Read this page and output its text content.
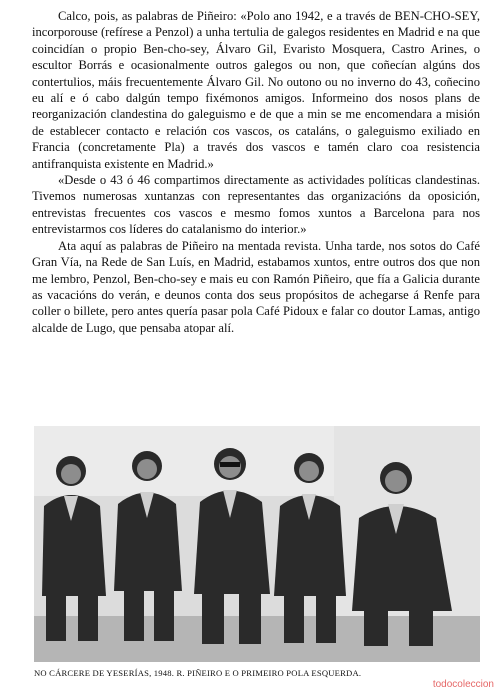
Calco, pois, as palabras de Piñeiro: «Polo ano 1942, e a través de BEN-CHO-SEY, incorporouse (refírese a Penzol) a unha tertulia de galegos residentes en Madrid e na que coincidían o propio Ben-cho-sey, Álvaro Gil, Evaristo Mosquera, Castro Arines, o escultor Borrás e ocasionalmente outros galegos ou non, que coñecían algúns dos contertulios, máis frecuentemente Álvaro Gil. No outono ou no inverno do 43, coñecino eu alí e ó cabo dalgún tempo fixémonos amigos. Informeino dos nosos plans de reorganización clandestina do galeguismo e de que a min se me encomendara a misión de establecer contacto e relación cos vascos, os cataláns, o galeguismo exiliado en Francia (concretamente Pla) a través dos vascos e tamén claro coa resistencia antifranquista existente en Madrid.»

«Desde o 43 ó 46 compartimos directamente as actividades políticas clandestinas. Tivemos numerosas xuntanzas con representantes das organizacións da oposición, entrevistas frecuentes cos vascos e mesmo fomos xuntos a Barcelona para nos entrevistarmos cos líderes do catalanismo do interior.»

Ata aquí as palabras de Piñeiro na mentada revista. Unha tarde, nos sotos do Café Gran Vía, na Rede de San Luís, en Madrid, estabamos xuntos, entre outros dos que non me lembro, Penzol, Ben-cho-sey e mais eu con Ramón Piñeiro, que fía a Galicia durante as vacacións do verán, e deunos conta dos seus propósitos de achegarse á Renfe para coller o billete, pero antes quería pasar pola Café Pidoux e falar co doutor Lamas, antigo alcalde de Lugo, que pensaba atopar alí.

NO CÁRCERE DE YESERÍAS, 1948. R. PIÑEIRO E O PRIMEIRO POLA ESQUERDA.
todocoleccion
